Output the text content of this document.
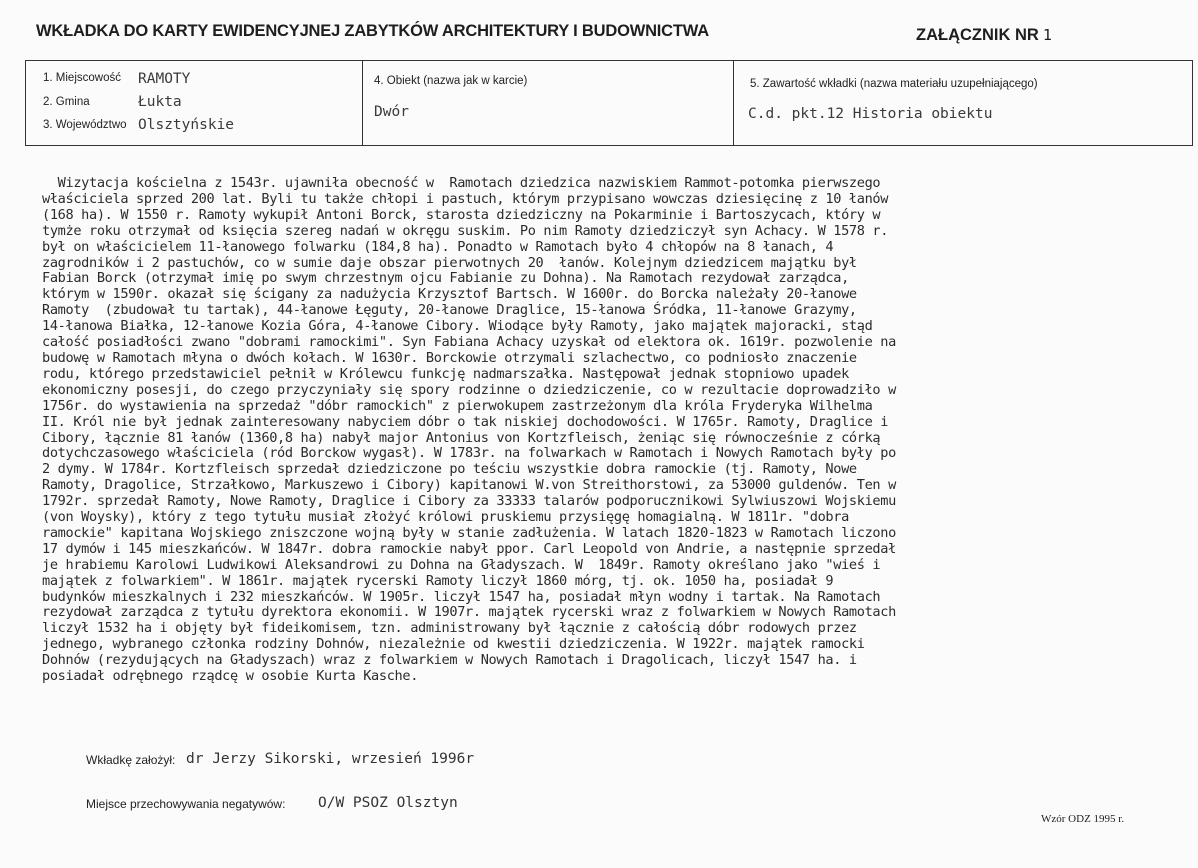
WKŁADKA DO KARTY EWIDENCYJNEJ ZABYTKÓW ARCHITEKTURY I BUDOWNICTWA	ZAŁĄCZNIK NR 1
1. Miejscowość RAMOTY
2. Gmina	Łukta
3. Województwo Olsztyńskie
4. Obiekt (nazwa jak w karcie)
Dwór
5. Zawartość wkładki (nazwa materiału uzupełniającego)
C.d. pkt.12 Historia obiektu
Wizytacja kościelna z 1543r. ujawniła obecność w  Ramotach dziedzica nazwiskiem Rammot-potomka pierwszego
właściciela sprzed 200 lat. Byli tu także chłopi i pastuch, którym przypisano wowczas dziesięcinę z 10 łanów
(168 ha). W 1550 r. Ramoty wykupił Antoni Borck, starosta dziedziczny na Pokarminie i Bartoszycach, który w
tymże roku otrzymał od księcia szereg nadań w okręgu suskim. Po nim Ramoty dziedziczył syn Achacy. W 1578 r.
był on właścicielem 11-łanowego folwarku (184,8 ha). Ponadto w Ramotach było 4 chłopów na 8 łanach, 4
zagrodników i 2 pastuchów, co w sumie daje obszar pierwotnych 20  łanów. Kolejnym dziedzicem majątku był
Fabian Borck (otrzymał imię po swym chrzestnym ojcu Fabianie zu Dohna). Na Ramotach rezydował zarządca,
którym w 1590r. okazał się ścigany za nadużycia Krzysztof Bartsch. W 1600r. do Borcka należały 20-łanowe
Ramoty  (zbudował tu tartak), 44-łanowe Łęguty, 20-łanowe Draglice, 15-łanowa Śródka, 11-łanowe Grazymy,
14-łanowa Białka, 12-łanowe Kozia Góra, 4-łanowe Cibory. Wiodące były Ramoty, jako majątek majoracki, stąd
całość posiadłości zwano "dobrami ramockimi". Syn Fabiana Achacy uzyskał od elektora ok. 1619r. pozwolenie na
budowę w Ramotach młyna o dwóch kołach. W 1630r. Borckowie otrzymali szlachectwo, co podniosło znaczenie
rodu, którego przedstawiciel pełnił w Królewcu funkcję nadmarszałka. Następował jednak stopniowo upadek
ekonomiczny posesji, do czego przyczyniały się spory rodzinne o dziedziczenie, co w rezultacie doprowadziło w
1756r. do wystawienia na sprzedaż "dóbr ramockich" z pierwokupem zastrzeżonym dla króla Fryderyka Wilhelma
II. Król nie był jednak zainteresowany nabyciem dóbr o tak niskiej dochodowości. W 1765r. Ramoty, Draglice i
Cibory, łącznie 81 łanów (1360,8 ha) nabył major Antonius von Kortzfleisch, żeniąc się równocześnie z córką
dotychczasowego właściciela (ród Borckow wygasł). W 1783r. na folwarkach w Ramotach i Nowych Ramotach były po
2 dymy. W 1784r. Kortzfleisch sprzedał dziedziczone po teściu wszystkie dobra ramockie (tj. Ramoty, Nowe
Ramoty, Dragolice, Strzałkowo, Markuszewo i Cibory) kapitanowi W.von Streithorstowi, za 53000 guldenów. Ten w
1792r. sprzedał Ramoty, Nowe Ramoty, Draglice i Cibory za 33333 talarów podporucznikowi Sylwiuszowi Wojskiemu
(von Woysky), który z tego tytułu musiał złożyć królowi pruskiemu przysięgę homagialną. W 1811r. "dobra
ramockie" kapitana Wojskiego zniszczone wojną były w stanie zadłużenia. W latach 1820-1823 w Ramotach liczono
17 dymów i 145 mieszkańców. W 1847r. dobra ramockie nabył ppor. Carl Leopold von Andrie, a następnie sprzedał
je hrabiemu Karolowi Ludwikowi Aleksandrowi zu Dohna na Gładyszach. W  1849r. Ramoty określano jako "wieś i
majątek z folwarkiem". W 1861r. majątek rycerski Ramoty liczył 1860 mórg, tj. ok. 1050 ha, posiadał 9
budynków mieszkalnych i 232 mieszkańców. W 1905r. liczył 1547 ha, posiadał młyn wodny i tartak. Na Ramotach
rezydował zarządca z tytułu dyrektora ekonomii. W 1907r. majątek rycerski wraz z folwarkiem w Nowych Ramotach
liczył 1532 ha i objęty był fideikomisem, tzn. administrowany był łącznie z całością dóbr rodowych przez
jednego, wybranego członka rodziny Dohnów, niezależnie od kwestii dziedziczenia. W 1922r. majątek ramocki
Dohnów (rezydujących na Gładyszach) wraz z folwarkiem w Nowych Ramotach i Dragolicach, liczył 1547 ha. i
posiadał odrębnego rządcę w osobie Kurta Kasche.
Wkładkę założył: dr Jerzy Sikorski, wrzesień 1996r
Miejsce przechowywania negatywów: O/W PSOZ Olsztyn
Wzór ODZ 1995 r.
